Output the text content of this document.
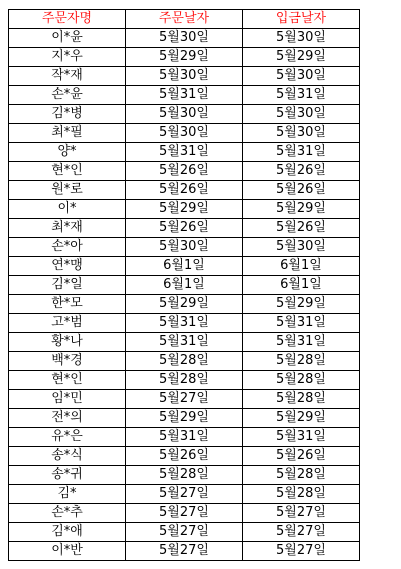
주문자명	주문날자	입금날자
이*윤	5월30일	5월30일
지*우	5월29일	5월29일
작*재	5월30일	5월30일
손*윤	5월31일	5월31일
김*병	5월30일	5월30일
최*필	5월30일	5월30일
양*	5월31일	5월31일
현*인	5월26일	5월26일
원*로	5월26일	5월26일
이*	5월29일	5월29일
최*재	5월26일	5월26일
손*아	5월30일	5월30일
연*맹	6월1일	6월1일
김*일	6월1일	6월1일
한*모	5월29일	5월29일
고*범	5월31일	5월31일
황*나	5월31일	5월31일
백*경	5월28일	5월28일
현*인	5월28일	5월28일
임*민	5월27일	5월28일
전*의	5월29일	5월29일
유*은	5월31일	5월31일
송*식	5월26일	5월26일
송*귀	5월28일	5월28일
김*	5월27일	5월28일
손*추	5월27일	5월27일
김*애	5월27일	5월27일
이*반	5월27일	5월27일
